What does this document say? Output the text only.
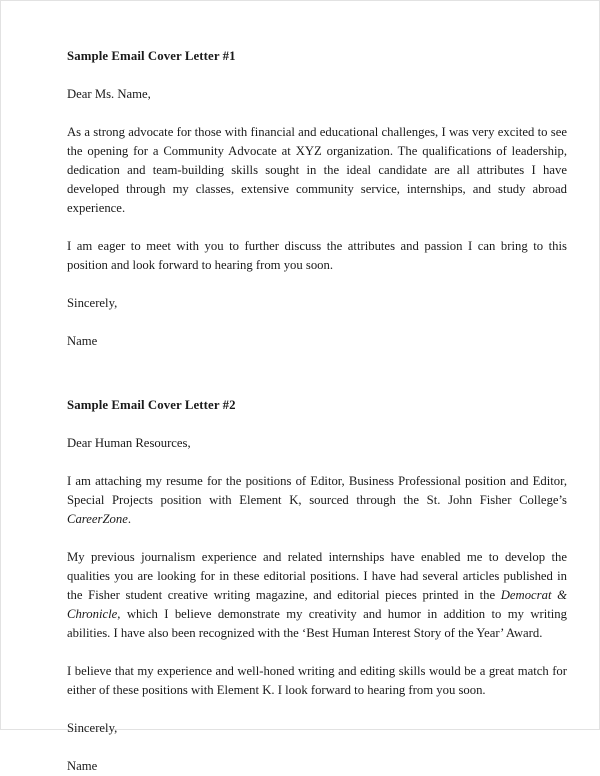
Sample Email Cover Letter #1

Dear Ms. Name,

As a strong advocate for those with financial and educational challenges, I was very excited to see the opening for a Community Advocate at XYZ organization. The qualifications of leadership, dedication and team-building skills sought in the ideal candidate are all attributes I have developed through my classes, extensive community service, internships, and study abroad experience.

I am eager to meet with you to further discuss the attributes and passion I can bring to this position and look forward to hearing from you soon.

Sincerely,

Name

Sample Email Cover Letter #2

Dear Human Resources,

I am attaching my resume for the positions of Editor, Business Professional position and Editor, Special Projects position with Element K, sourced through the St. John Fisher College’s CareerZone.

My previous journalism experience and related internships have enabled me to develop the qualities you are looking for in these editorial positions. I have had several articles published in the Fisher student creative writing magazine, and editorial pieces printed in the Democrat & Chronicle, which I believe demonstrate my creativity and humor in addition to my writing abilities. I have also been recognized with the ‘Best Human Interest Story of the Year’ Award.

I believe that my experience and well-honed writing and editing skills would be a great match for either of these positions with Element K. I look forward to hearing from you soon.

Sincerely,

Name
